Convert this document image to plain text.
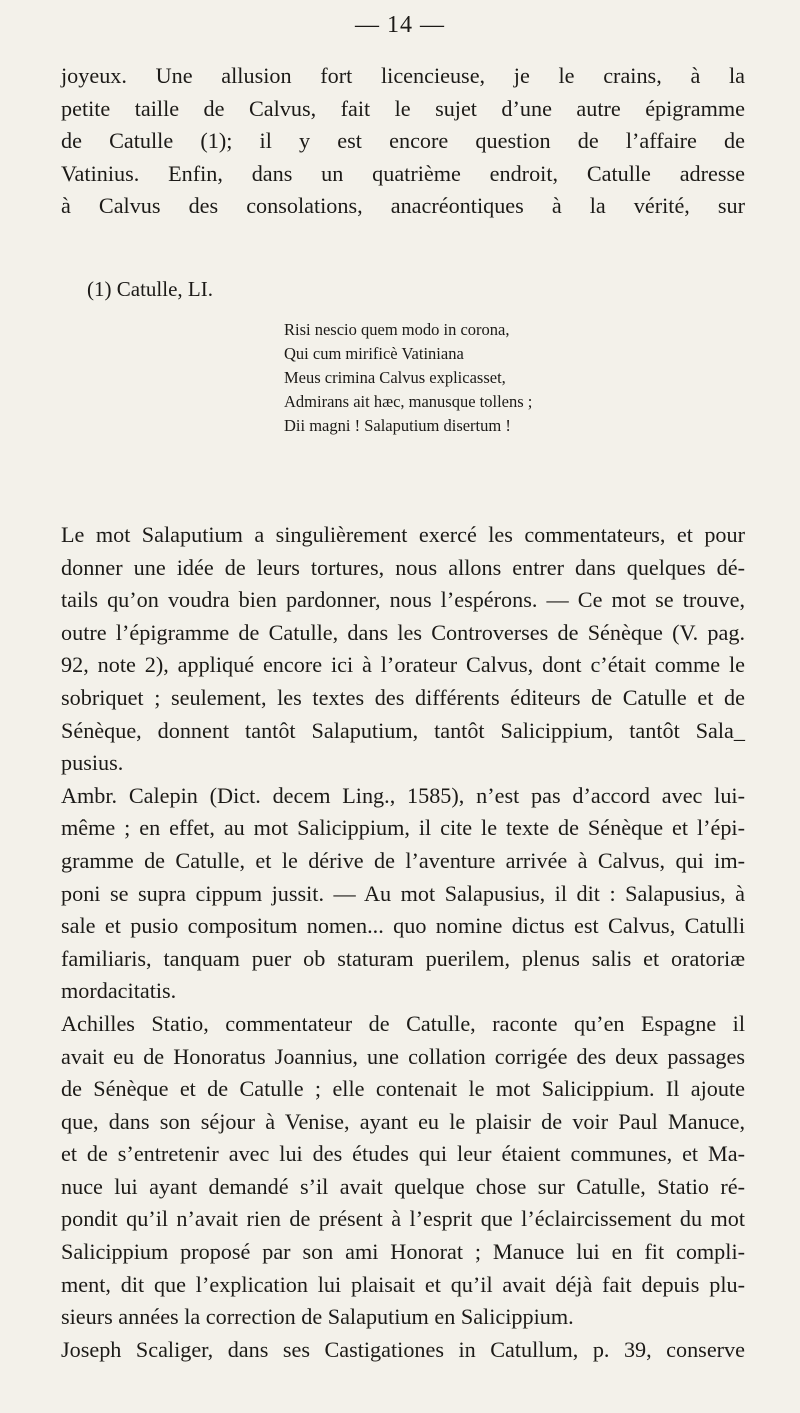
— 14 —
joyeux. Une allusion fort licencieuse, je le crains, à la
petite taille de Calvus, fait le sujet d’une autre épigramme
de Catulle (1); il y est encore question de l’affaire de
Vatinius. Enfin, dans un quatrième endroit, Catulle adresse
à Calvus des consolations, anacréontiques à la vérité, sur
(1) Catulle, LI.
Risi nescio quem modo in corona,
Qui cum mirificè Vatiniana
Meus crimina Calvus explicasset,
Admirans ait hæc, manusque tollens ;
Dii magni ! Salaputium disertum !
Le mot Salaputium a singulièrement exercé les commentateurs, et pour
donner une idée de leurs tortures, nous allons entrer dans quelques dé-
tails qu’on voudra bien pardonner, nous l’espérons. — Ce mot se trouve,
outre l’épigramme de Catulle, dans les Controverses de Sénèque (V. pag.
92, note 2), appliqué encore ici à l’orateur Calvus, dont c’était comme le
sobriquet ; seulement, les textes des différents éditeurs de Catulle et de
Sénèque, donnent tantôt Salaputium, tantôt Salicippium, tantôt Sala_
pusius.
Ambr. Calepin (Dict. decem Ling., 1585), n’est pas d’accord avec lui-
même ; en effet, au mot Salicippium, il cite le texte de Sénèque et l’épi-
gramme de Catulle, et le dérive de l’aventure arrivée à Calvus, qui im-
poni se supra cippum jussit. — Au mot Salapusius, il dit : Salapusius, à
sale et pusio compositum nomen... quo nomine dictus est Calvus, Catulli
familiaris, tanquam puer ob staturam puerilem, plenus salis et oratoriæ
mordacitatis.
Achilles Statio, commentateur de Catulle, raconte qu’en Espagne il
avait eu de Honoratus Joannius, une collation corrigée des deux passages
de Sénèque et de Catulle ; elle contenait le mot Salicippium. Il ajoute
que, dans son séjour à Venise, ayant eu le plaisir de voir Paul Manuce,
et de s’entretenir avec lui des études qui leur étaient communes, et Ma-
nuce lui ayant demandé s’il avait quelque chose sur Catulle, Statio ré-
pondit qu’il n’avait rien de présent à l’esprit que l’éclaircissement du mot
Salicippium proposé par son ami Honorat ; Manuce lui en fit compli-
ment, dit que l’explication lui plaisait et qu’il avait déjà fait depuis plu-
sieurs années la correction de Salaputium en Salicippium.
Joseph Scaliger, dans ses Castigationes in Catullum, p. 39, conserve
